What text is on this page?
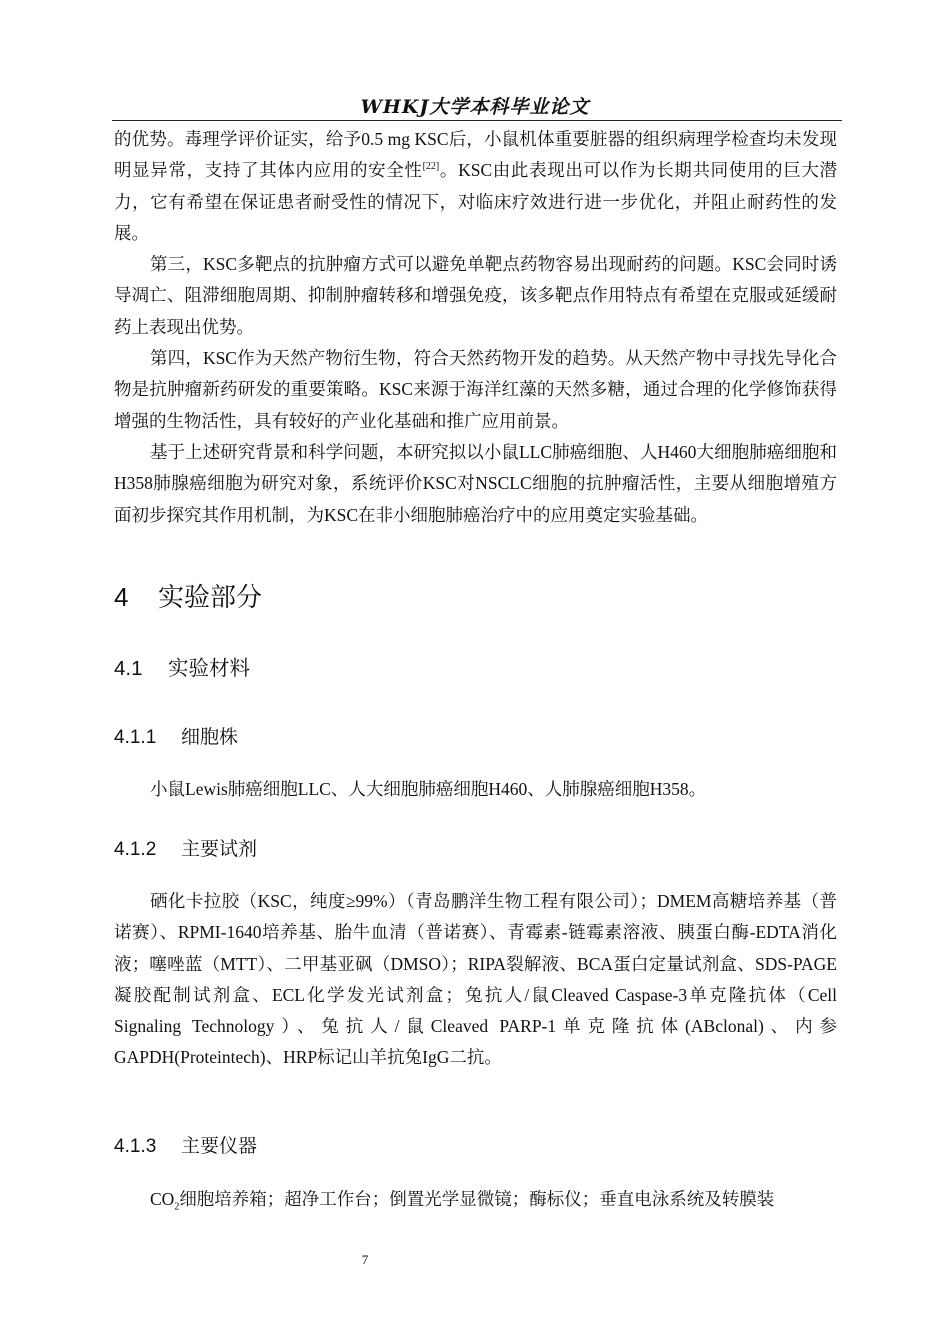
WHKJ大学本科毕业论文

的优势。毒理学评价证实，给予0.5 mg KSC后，小鼠机体重要脏器的组织病理学检查均未发现明显异常，支持了其体内应用的安全性[22]。KSC由此表现出可以作为长期共同使用的巨大潜力，它有希望在保证患者耐受性的情况下，对临床疗效进行进一步优化，并阻止耐药性的发展。

第三，KSC多靶点的抗肿瘤方式可以避免单靶点药物容易出现耐药的问题。KSC会同时诱导凋亡、阻滞细胞周期、抑制肿瘤转移和增强免疫，该多靶点作用特点有希望在克服或延缓耐药上表现出优势。

第四，KSC作为天然产物衍生物，符合天然药物开发的趋势。从天然产物中寻找先导化合物是抗肿瘤新药研发的重要策略。KSC来源于海洋红藻的天然多糖，通过合理的化学修饰获得增强的生物活性，具有较好的产业化基础和推广应用前景。

基于上述研究背景和科学问题，本研究拟以小鼠LLC肺癌细胞、人H460大细胞肺癌细胞和H358肺腺癌细胞为研究对象，系统评价KSC对NSCLC细胞的抗肿瘤活性，主要从细胞增殖方面初步探究其作用机制，为KSC在非小细胞肺癌治疗中的应用奠定实验基础。

4 实验部分
4.1 实验材料
4.1.1 细胞株

小鼠Lewis肺癌细胞LLC、人大细胞肺癌细胞H460、人肺腺癌细胞H358。

4.1.2 主要试剂

硒化卡拉胶（KSC，纯度≥99%）（青岛鹏洋生物工程有限公司）；DMEM高糖培养基（普诺赛）、RPMI-1640培养基、胎牛血清（普诺赛）、青霉素-链霉素溶液、胰蛋白酶-EDTA消化液；噻唑蓝（MTT）、二甲基亚砜（DMSO）；RIPA裂解液、BCA蛋白定量试剂盒、SDS-PAGE凝胶配制试剂盒、ECL化学发光试剂盒；兔抗人/鼠Cleaved Caspase-3单克隆抗体（Cell Signaling Technology）、兔抗人/鼠Cleaved PARP-1单克隆抗体(ABclonal)、内参GAPDH(Proteintech)、HRP标记山羊抗兔IgG二抗。

4.1.3 主要仪器

$CO_2$细胞培养箱；超净工作台；倒置光学显微镜；酶标仪；垂直电泳系统及转膜装

7
